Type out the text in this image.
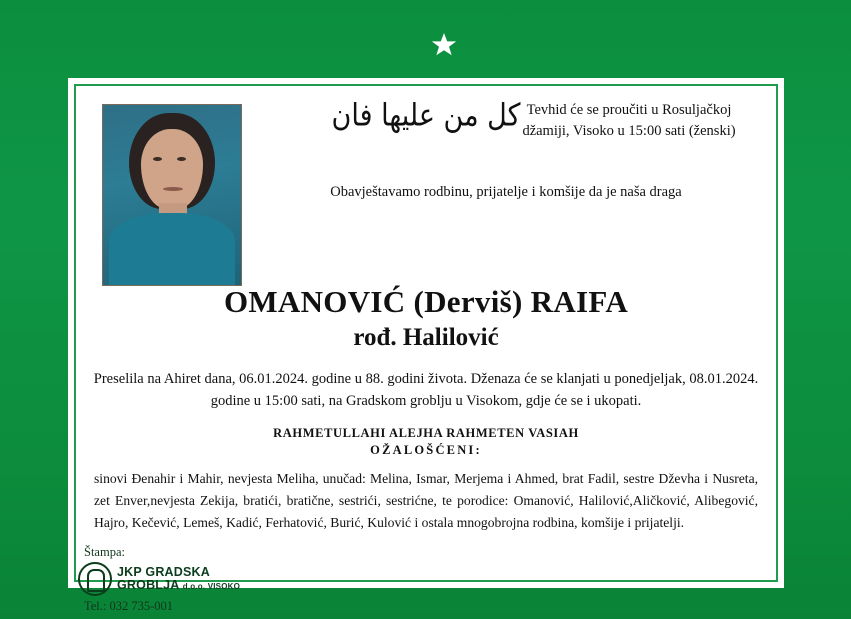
كل من عليها فان Tevhid će se proučiti u Rosuljačkoj džamiji, Visoko u 15:00 sati (ženski)
Obavještavamo rodbinu, prijatelje i komšije da je naša draga
OMANOVIĆ (Derviš) RAIFA
rođ. Halilović
Preselila na Ahiret dana, 06.01.2024. godine u 88. godini života. Dženaza će se klanjati u ponedjeljak, 08.01.2024. godine u 15:00 sati, na Gradskom groblju u Visokom, gdje će se i ukopati.
RAHMETULLAHI ALEJHA RAHMETEN VASIAH
OŽALOŠĆENI:
sinovi Đenahir i Mahir, nevjesta Meliha, unučad: Melina, Ismar, Merjema i Ahmed, brat Fadil, sestre Dževha i Nusreta, zet Enver,nevjesta Zekija, bratići, bratične, sestrići, sestrićne, te porodice: Omanović, Halilović,Aličković, Alibegović, Hajro, Kečević, Lemeš, Kadić, Ferhatović, Burić, Kulović i ostala mnogobrojna rodbina, komšije i prijatelji.
Štampa:
JKP GRADSKA
GROBLJA d.o.o. VISOKO
Tel.: 032 735-001
